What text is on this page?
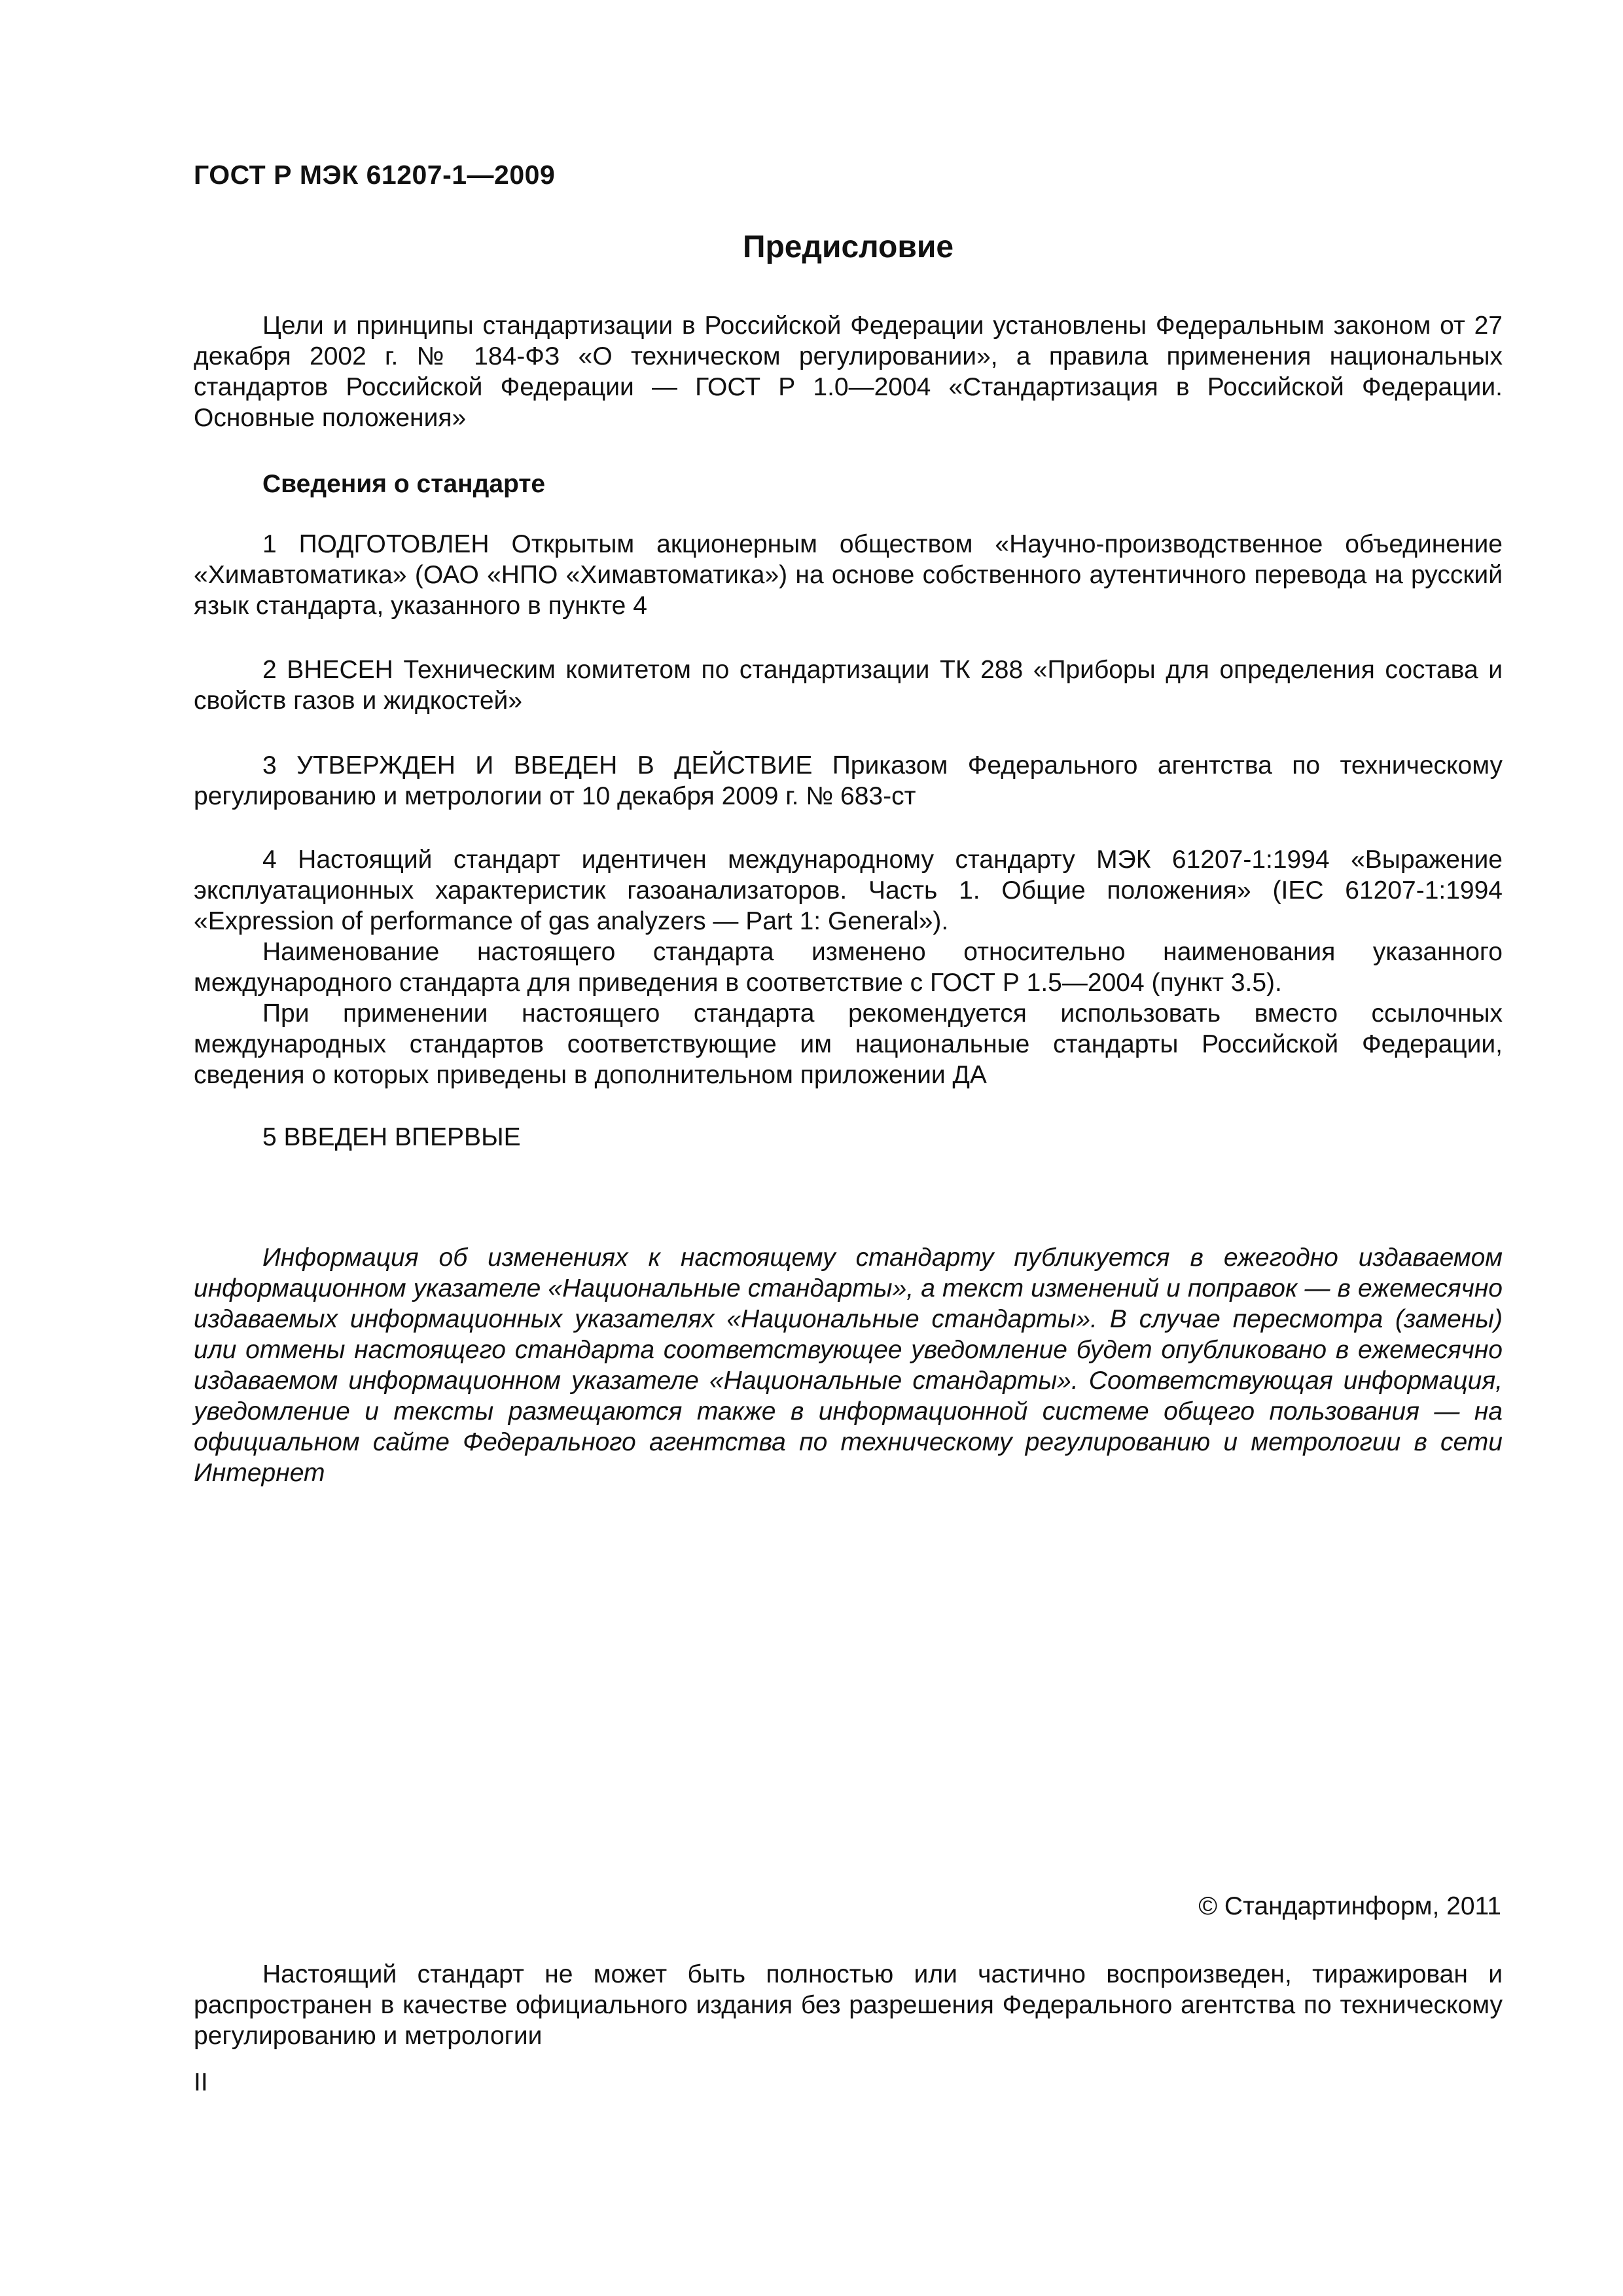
ГОСТ Р МЭК 61207-1—2009
Предисловие

Цели и принципы стандартизации в Российской Федерации установлены Федеральным законом от 27 декабря 2002 г. № 184-ФЗ «О техническом регулировании», а правила применения национальных стандартов Российской Федерации — ГОСТ Р 1.0—2004 «Стандартизация в Российской Федерации. Основные положения»

Сведения о стандарте

1 ПОДГОТОВЛЕН Открытым акционерным обществом «Научно-производственное объединение «Химавтоматика» (ОАО «НПО «Химавтоматика») на основе собственного аутентичного перевода на русский язык стандарта, указанного в пункте 4

2 ВНЕСЕН Техническим комитетом по стандартизации ТК 288 «Приборы для определения состава и свойств газов и жидкостей»

3 УТВЕРЖДЕН И ВВЕДЕН В ДЕЙСТВИЕ Приказом Федерального агентства по техническому регулированию и метрологии от 10 декабря 2009 г. № 683-ст

4 Настоящий стандарт идентичен международному стандарту МЭК 61207-1:1994 «Выражение эксплуатационных характеристик газоанализаторов. Часть 1. Общие положения» (IEC 61207-1:1994 «Expression of performance of gas analyzers — Part 1: General»).

Наименование настоящего стандарта изменено относительно наименования указанного международного стандарта для приведения в соответствие с ГОСТ Р 1.5—2004 (пункт 3.5).

При применении настоящего стандарта рекомендуется использовать вместо ссылочных международных стандартов соответствующие им национальные стандарты Российской Федерации, сведения о которых приведены в дополнительном приложении ДА

5 ВВЕДЕН ВПЕРВЫЕ

Информация об изменениях к настоящему стандарту публикуется в ежегодно издаваемом информационном указателе «Национальные стандарты», а текст изменений и поправок — в ежемесячно издаваемых информационных указателях «Национальные стандарты». В случае пересмотра (замены) или отмены настоящего стандарта соответствующее уведомление будет опубликовано в ежемесячно издаваемом информационном указателе «Национальные стандарты». Соответствующая информация, уведомление и тексты размещаются также в информационной системе общего пользования — на официальном сайте Федерального агентства по техническому регулированию и метрологии в сети Интернет

© Стандартинформ, 2011

Настоящий стандарт не может быть полностью или частично воспроизведен, тиражирован и распространен в качестве официального издания без разрешения Федерального агентства по техническому регулированию и метрологии

II
